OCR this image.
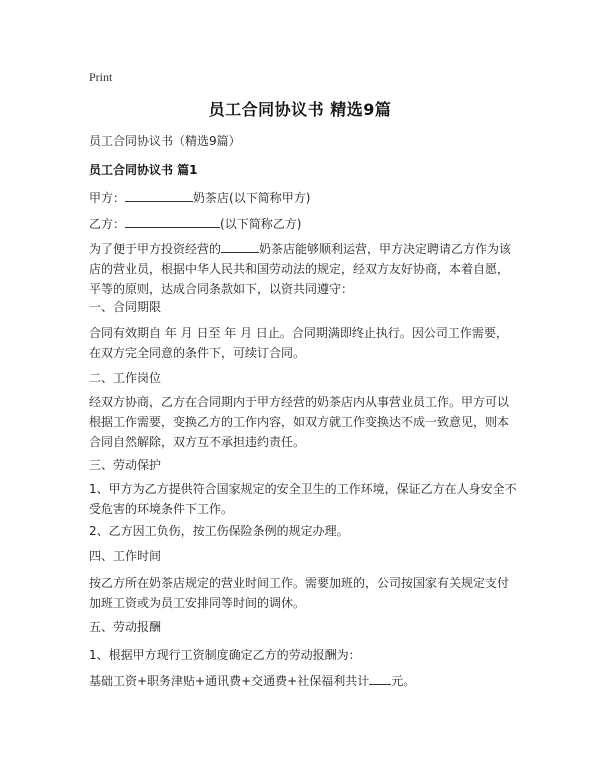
Print
员工合同协议书 精选9篇

员工合同协议书（精选9篇）

员工合同协议书 篇1

甲方：	奶茶店(以下简称甲方)

乙方：	(以下简称乙方)

为了便于甲方投资经营的	奶茶店能够顺利运营，甲方决定聘请乙方作为该店的营业员，根据中华人民共和国劳动法的规定，经双方友好协商，本着自愿，平等的原则，达成合同条款如下，以资共同遵守：

一、合同期限

合同有效期自 年 月 日至 年 月 日止。合同期满即终止执行。因公司工作需要，在双方完全同意的条件下，可续订合同。

二、工作岗位

经双方协商，乙方在合同期内于甲方经营的奶茶店内从事营业员工作。甲方可以根据工作需要，变换乙方的工作内容，如双方就工作变换达不成一致意见，则本合同自然解除，双方互不承担违约责任。

三、劳动保护

1、甲方为乙方提供符合国家规定的安全卫生的工作环境，保证乙方在人身安全不受危害的环境条件下工作。

2、乙方因工负伤，按工伤保险条例的规定办理。

四、工作时间

按乙方所在奶茶店规定的营业时间工作。需要加班的，公司按国家有关规定支付加班工资或为员工安排同等时间的调休。

五、劳动报酬

1、根据甲方现行工资制度确定乙方的劳动报酬为：

基础工资+职务津贴+通讯费+交通费+社保福利共计 元。
